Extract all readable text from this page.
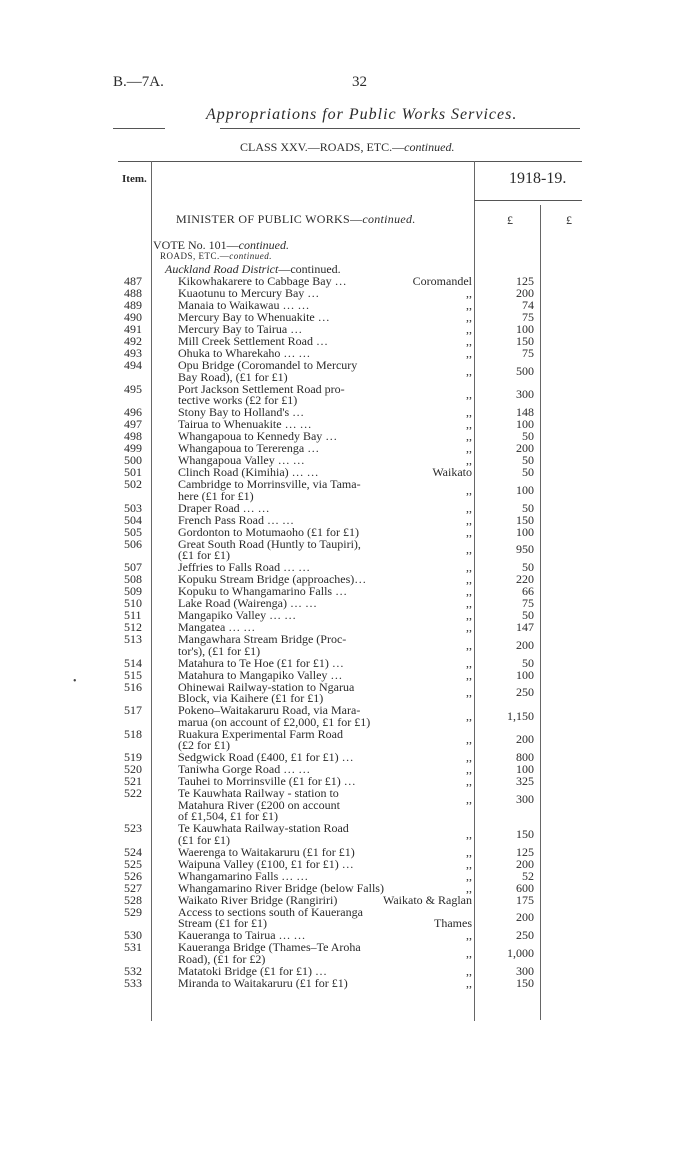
B.—7A.	32
Appropriations for Public Works Services.
CLASS XXV.—ROADS, ETC.—continued.
Item.	1918-19.
MINISTER OF PUBLIC WORKS—continued.	£	£
VOTE No. 101—continued.
ROADS, ETC.—continued.
Auckland Road District—continued.
487	Kikowhakarere to Cabbage Bay …	Coromandel	125
488	Kuaotunu to Mercury Bay …	,,	200
489	Manaia to Waikawau … …	,,	74
490	Mercury Bay to Whenuakite …	,,	75
491	Mercury Bay to Tairua …	,,	100
492	Mill Creek Settlement Road …	,,	150
493	Ohuka to Wharekaho … …	,,	75
494	Opu Bridge (Coromandel to Mercury
Bay Road), (£1 for £1)	,,	500
495	Port Jackson Settlement Road pro-
tective works (£2 for £1)	,,	300
496	Stony Bay to Holland's …	,,	148
497	Tairua to Whenuakite … …	,,	100
498	Whangapoua to Kennedy Bay …	,,	50
499	Whangapoua to Tererenga …	,,	200
500	Whangapoua Valley … …	,,	50
501	Clinch Road (Kimihia) … …	Waikato	50
502	Cambridge to Morrinsville, via Tama-
here (£1 for £1)	,,	100
503	Draper Road … …	,,	50
504	French Pass Road … …	,,	150
505	Gordonton to Motumaoho (£1 for £1)	,,	100
506	Great South Road (Huntly to Taupiri),
(£1 for £1)	,,	950
507	Jeffries to Falls Road … …	,,	50
508	Kopuku Stream Bridge (approaches)…	,,	220
509	Kopuku to Whangamarino Falls …	,,	66
510	Lake Road (Wairenga) … …	,,	75
511	Mangapiko Valley … …	,,	50
512	Mangatea … …	,,	147
513	Mangawhara Stream Bridge (Proc-
tor's), (£1 for £1)	,,	200
514	Matahura to Te Hoe (£1 for £1) …	,,	50
515	Matahura to Mangapiko Valley …	,,	100
516	Ohinewai Railway-station to Ngarua
Block, via Kaihere (£1 for £1)	,,	250
517	Pokeno–Waitakaruru Road, via Mara-
marua (on account of £2,000, £1 for £1)	,,	1,150
518	Ruakura Experimental Farm Road
(£2 for £1)	,,	200
519	Sedgwick Road (£400, £1 for £1) …	,,	800
520	Taniwha Gorge Road … …	,,	100
521	Tauhei to Morrinsville (£1 for £1) …	,,	325
522	Te Kauwhata Railway - station to
Matahura River (£200 on account
of £1,504, £1 for £1)
,,	300
523	Te Kauwhata Railway-station Road
(£1 for £1)	,,	150
524	Waerenga to Waitakaruru (£1 for £1)	,,	125
525	Waipuna Valley (£100, £1 for £1) …	,,	200
526	Whangamarino Falls … …	,,	52
527	Whangamarino River Bridge (below Falls)	,,	600
528	Waikato River Bridge (Rangiriri)	Waikato & Raglan	175
529	Access to sections south of Kauerangа
Stream (£1 for £1)	Thames	200
530	Kauerangа to Tairua … …	,,	250
531	Kauerangа Bridge (Thames–Te Aroha
Road), (£1 for £2)	,,	1,000
532	Matatoki Bridge (£1 for £1) …	,,	300
533	Miranda to Waitakaruru (£1 for £1)	,,	150
•
